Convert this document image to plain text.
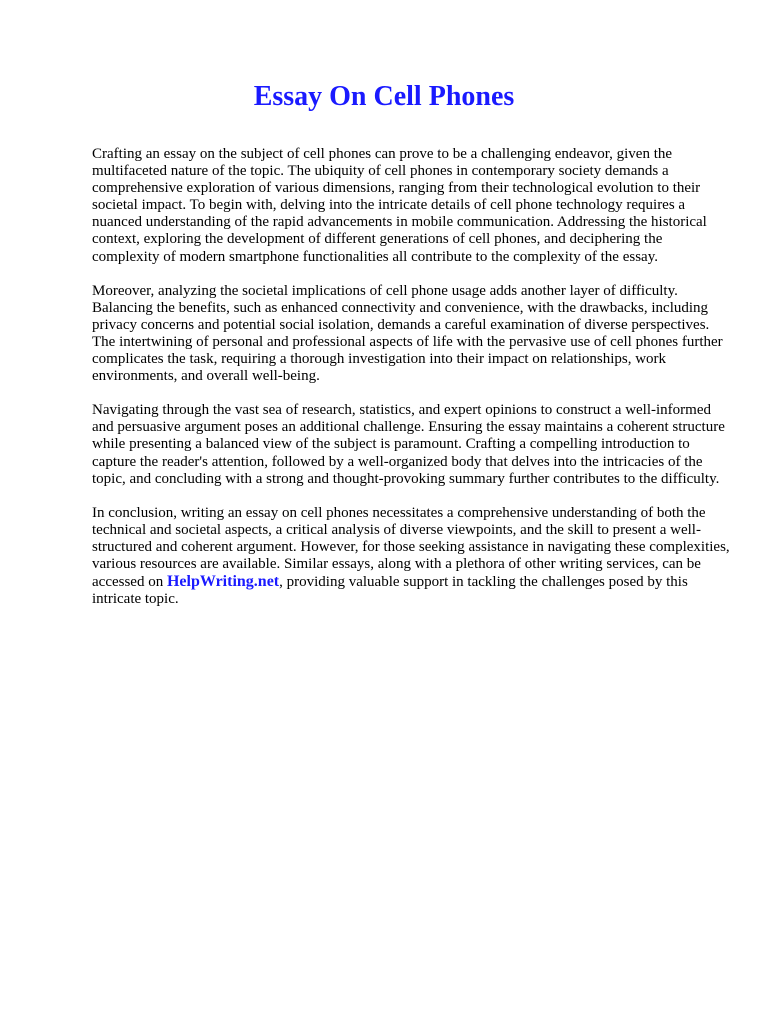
Essay On Cell Phones

Crafting an essay on the subject of cell phones can prove to be a challenging endeavor, given the multifaceted nature of the topic. The ubiquity of cell phones in contemporary society demands a comprehensive exploration of various dimensions, ranging from their technological evolution to their societal impact. To begin with, delving into the intricate details of cell phone technology requires a nuanced understanding of the rapid advancements in mobile communication. Addressing the historical context, exploring the development of different generations of cell phones, and deciphering the complexity of modern smartphone functionalities all contribute to the complexity of the essay.

Moreover, analyzing the societal implications of cell phone usage adds another layer of difficulty. Balancing the benefits, such as enhanced connectivity and convenience, with the drawbacks, including privacy concerns and potential social isolation, demands a careful examination of diverse perspectives. The intertwining of personal and professional aspects of life with the pervasive use of cell phones further complicates the task, requiring a thorough investigation into their impact on relationships, work environments, and overall well-being.

Navigating through the vast sea of research, statistics, and expert opinions to construct a well-informed and persuasive argument poses an additional challenge. Ensuring the essay maintains a coherent structure while presenting a balanced view of the subject is paramount. Crafting a compelling introduction to capture the reader's attention, followed by a well-organized body that delves into the intricacies of the topic, and concluding with a strong and thought-provoking summary further contributes to the difficulty.

In conclusion, writing an essay on cell phones necessitates a comprehensive understanding of both the technical and societal aspects, a critical analysis of diverse viewpoints, and the skill to present a well-structured and coherent argument. However, for those seeking assistance in navigating these complexities, various resources are available. Similar essays, along with a plethora of other writing services, can be accessed on HelpWriting.net, providing valuable support in tackling the challenges posed by this intricate topic.
